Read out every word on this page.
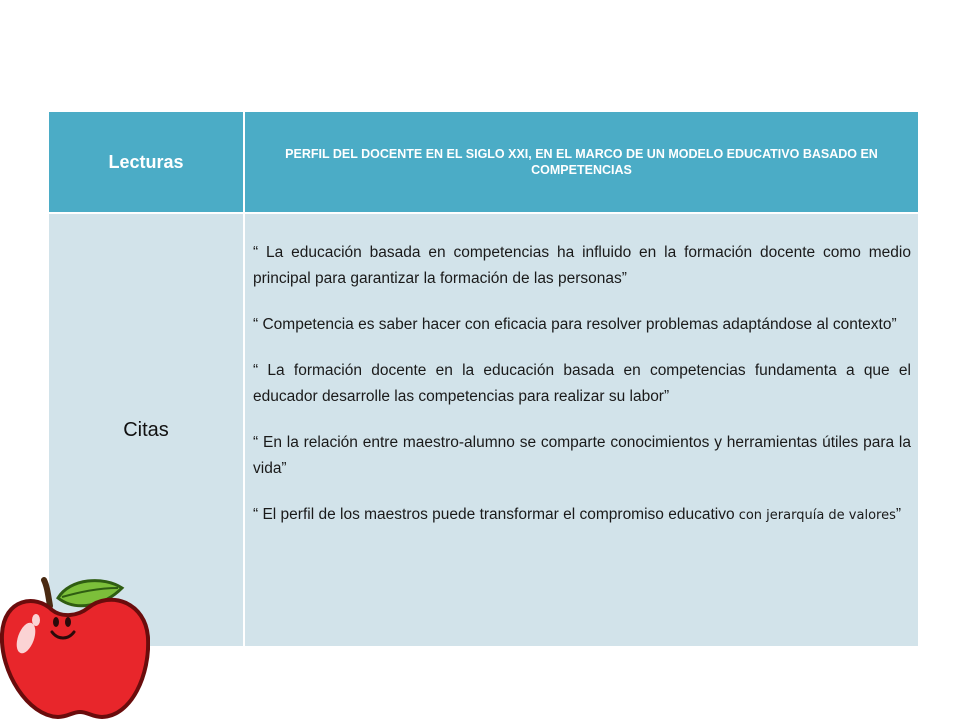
Lecturas	PERFIL DEL DOCENTE EN EL SIGLO XXI, EN EL MARCO DE UN MODELO EDUCATIVO BASADO EN COMPETENCIAS
Citas	“ La educación basada en competencias ha influido en la formación docente como medio principal para garantizar la formación de las personas”

“ Competencia es saber hacer con eficacia para resolver problemas adaptándose al contexto”

“ La formación docente en la educación basada en competencias fundamenta a que el educador desarrolle las competencias para realizar su labor”

“ En la relación entre maestro-alumno se comparte conocimientos y herramientas útiles para la vida”

“ El perfil de los maestros puede transformar el compromiso educativo con jerarquía de valores”
